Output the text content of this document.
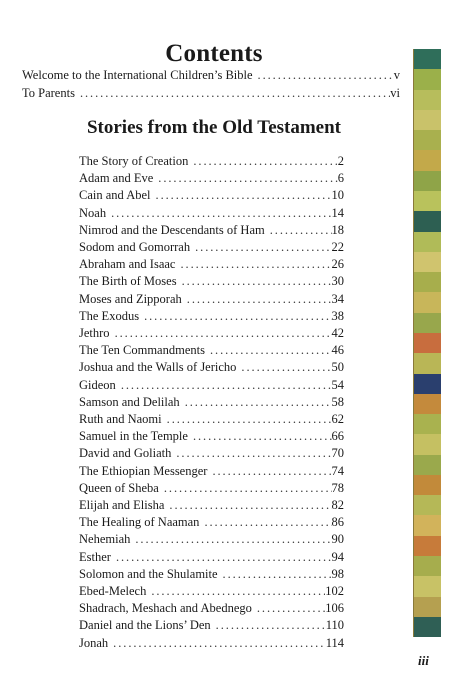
Contents
Welcome to the International Children’s Bible . . .	v
To Parents . . .	vi
Stories from the Old Testament
The Story of Creation . . .	2
Adam and Eve . . .	6
Cain and Abel . . .	10
Noah . . .	14
Nimrod and the Descendants of Ham . . .	18
Sodom and Gomorrah . . .	22
Abraham and Isaac . . .	26
The Birth of Moses . . .	30
Moses and Zipporah . . .	34
The Exodus . . .	38
Jethro . . .	42
The Ten Commandments . . .	46
Joshua and the Walls of Jericho . . .	50
Gideon . . .	54
Samson and Delilah . . .	58
Ruth and Naomi . . .	62
Samuel in the Temple . . .	66
David and Goliath . . .	70
The Ethiopian Messenger . . .	74
Queen of Sheba . . .	78
Elijah and Elisha . . .	82
The Healing of Naaman . . .	86
Nehemiah . . .	90
Esther . . .	94
Solomon and the Shulamite . . .	98
Ebed-Melech . . .	102
Shadrach, Meshach and Abednego . . .	106
Daniel and the Lions’ Den . . .	110
Jonah . . .	114
iii
